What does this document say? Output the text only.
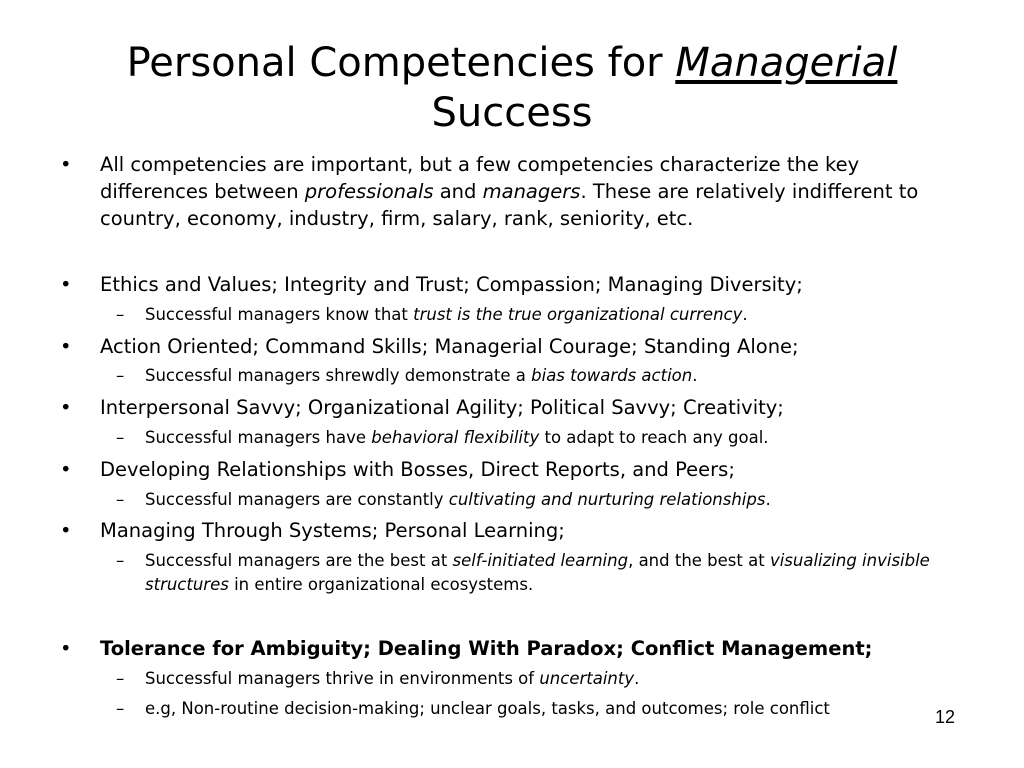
Personal Competencies for Managerial
Success
•	All competencies are important, but a few competencies characterize the key differences between professionals and managers. These are relatively indifferent to country, economy, industry, firm, salary, rank, seniority, etc.
•	Ethics and Values; Integrity and Trust; Compassion; Managing Diversity;
–	Successful managers know that trust is the true organizational currency.
•	Action Oriented; Command Skills; Managerial Courage; Standing Alone;
–	Successful managers shrewdly demonstrate a bias towards action.
•	Interpersonal Savvy; Organizational Agility; Political Savvy; Creativity;
–	Successful managers have behavioral flexibility to adapt to reach any goal.
•	Developing Relationships with Bosses, Direct Reports, and Peers;
–	Successful managers are constantly cultivating and nurturing relationships.
•	Managing Through Systems; Personal Learning;
–	Successful managers are the best at self-initiated learning, and the best at visualizing invisible structures in entire organizational ecosystems.
•	Tolerance for Ambiguity; Dealing With Paradox; Conflict Management;
–	Successful managers thrive in environments of uncertainty.
–	e.g, Non-routine decision-making; unclear goals, tasks, and outcomes; role conflict	12
